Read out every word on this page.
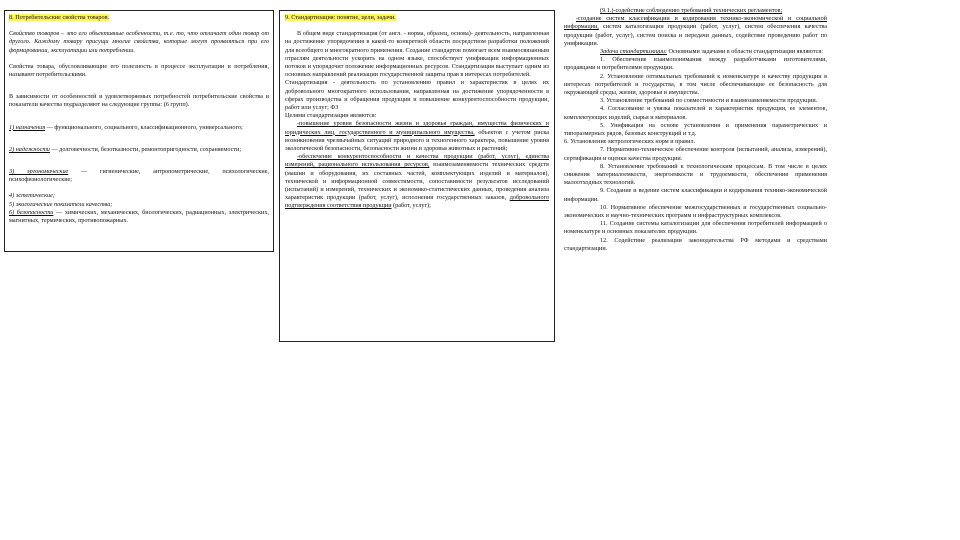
8. Потребительские свойства товаров.

Свойство товаров – это его объективные особенности, т.е. то, что отличает один товар от другого. Каждому товару присущи многие свойства, которые могут проявляться при его формировании, эксплуатации или потреблении.

Свойства товара, обусловливающие его полезность в процессе эксплуатации и потребления, называют потребительскими.

В зависимости от особенностей и удовлетворяемых потребностей потребительские свойства и показатели качества подразделяют на следующие группы: (6 групп).

1) назначения — функционального, социального, классификационного, универсального;

2) надежности — долговечности, безотказности, ремонтопригодности, сохраняемости;

3) эргономические — гигиенические, антропометрические, психологические, психофизиологические;

4) эстетические;

5) экологические показатели качества;

6) безопасности — химических, механических, биологических, радиационных, электрических, магнитных, термических, противопожарных.

9. Стандартизация: понятие, цели, задачи.

В общем виде стандартизация (от англ. - норма, образец, основа)- деятельность, направленная на достижение упорядочения в какой-то конкретной области посредством разработки положений для всеобщего и многократного применения. Создание стандартов помогает всем взаимосвязанным отраслям деятельности ускорить на одном языке, способствует унификации информационных потоков и упорядочит положение информационных ресурсов. Стандартизация выступает одним из основных направлений реализации государственной защиты прав в интересах потребителей.

Стандартизация - деятельность по установлению правил и характеристик в целях их добровольного многократного использования, направленная на достижение упорядоченности в сферах производства и обращения продукции и повышение конкурентоспособности продукции, работ или услуг; ФЗ

Целями стандартизации являются:

-повышение уровня безопасности жизни и здоровья граждан, имущества физических и юридических лиц, государственного и муниципального имущества, объектов с учетом риска возникновения чрезвычайных ситуаций природного и техногенного характера, повышение уровня экологической безопасности, безопасности жизни и здоровья животных и растений;

-обеспечение конкурентоспособности и качества продукции (работ, услуг), единства измерений, рационального использования ресурсов, взаимозаменяемости технических средств (машин и оборудования, их составных частей, комплектующих изделий и материалов), технической и информационной совместимости, сопоставимости результатов исследований (испытаний) и измерений, технических и экономико-статистических данных, проведения анализа характеристик продукции (работ, услуг), исполнения государственных заказов, добровольного подтверждения соответствия продукции (работ, услуг);

(9.1.)-содействие соблюдению требований технических регламентов;

-создание систем классификации и кодирования технико-экономической и социальной информации, систем каталогизации продукции (работ, услуг), систем обеспечения качества продукции (работ, услуг), систем поиска и передачи данных, содействие проведению работ по унификации.

Задачи стандартизации: Основными задачами в области стандартизации являются:

1. Обеспечение взаимопонимания между разработчиками изготовителями, продавцами и потребителями продукции.

2. Установление оптимальных требований к номенклатуре и качеству продукции в интересах потребителей и государства, в том числе обеспечивающие ее безопасность для окружающей среды, жизни, здоровья и имущества.

3. Установление требований по совместимости и взаимозаменяемости продукции.

4. Согласование и увязка показателей и характеристик продукции, ее элементов, комплектующих изделий, сырья и материалов.

5. Унификация на основе установления и применения параметрических и типоразмерных рядов, базовых конструкций и т.д.

6. Установление метрологических норм и правил.

7. Нормативно-техническое обеспечение контроля (испытаний, анализа, измерений), сертификации и оценки качества продукции.

8. Установление требований к технологическим процессам. В том числе в целях снижения материалоемкости, энергоемкости и трудоемкости, обеспечения применения малоотходных технологий.

9. Создание и ведение систем классификации и кодирования технико-экономической информации.

10. Нормативное обеспечение межгосударственных и государственных социально-экономических и научно-технических программ и инфраструктурных комплексов.

11. Создание системы каталогизации для обеспечения потребителей информацией о номенклатуре и основных показателях продукции.

12. Содействие реализации законодательства РФ методами и средствами стандартизации.
